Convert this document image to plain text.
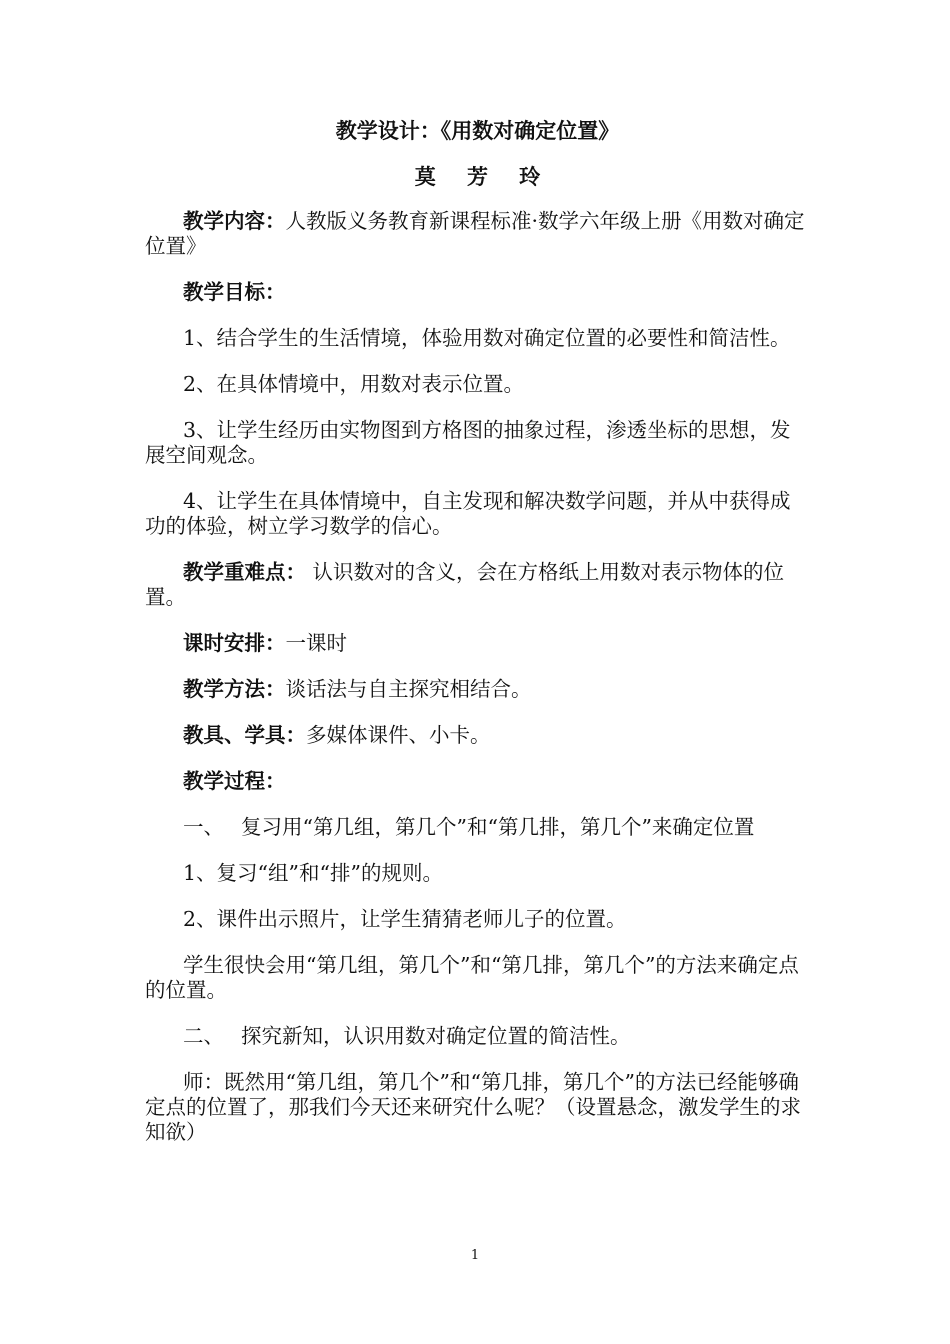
教学设计：《用数对确定位置》
莫 芳 玲

教学内容：人教版义务教育新课程标准·数学六年级上册《用数对确定位置》

教学目标：

1、结合学生的生活情境，体验用数对确定位置的必要性和简洁性。

2、在具体情境中，用数对表示位置。

3、让学生经历由实物图到方格图的抽象过程，渗透坐标的思想，发展空间观念。

4、让学生在具体情境中，自主发现和解决数学问题，并从中获得成功的体验，树立学习数学的信心。

教学重难点： 认识数对的含义，会在方格纸上用数对表示物体的位置。

课时安排：一课时

教学方法：谈话法与自主探究相结合。

教具、学具：多媒体课件、小卡。

教学过程：

一、 复习用“第几组，第几个”和“第几排，第几个”来确定位置

1、复习“组”和“排”的规则。

2、课件出示照片，让学生猜猜老师儿子的位置。

学生很快会用“第几组，第几个”和“第几排，第几个”的方法来确定点的位置。

二、 探究新知，认识用数对确定位置的简洁性。

师：既然用“第几组，第几个”和“第几排，第几个”的方法已经能够确定点的位置了，那我们今天还来研究什么呢？（设置悬念，激发学生的求知欲）

1
